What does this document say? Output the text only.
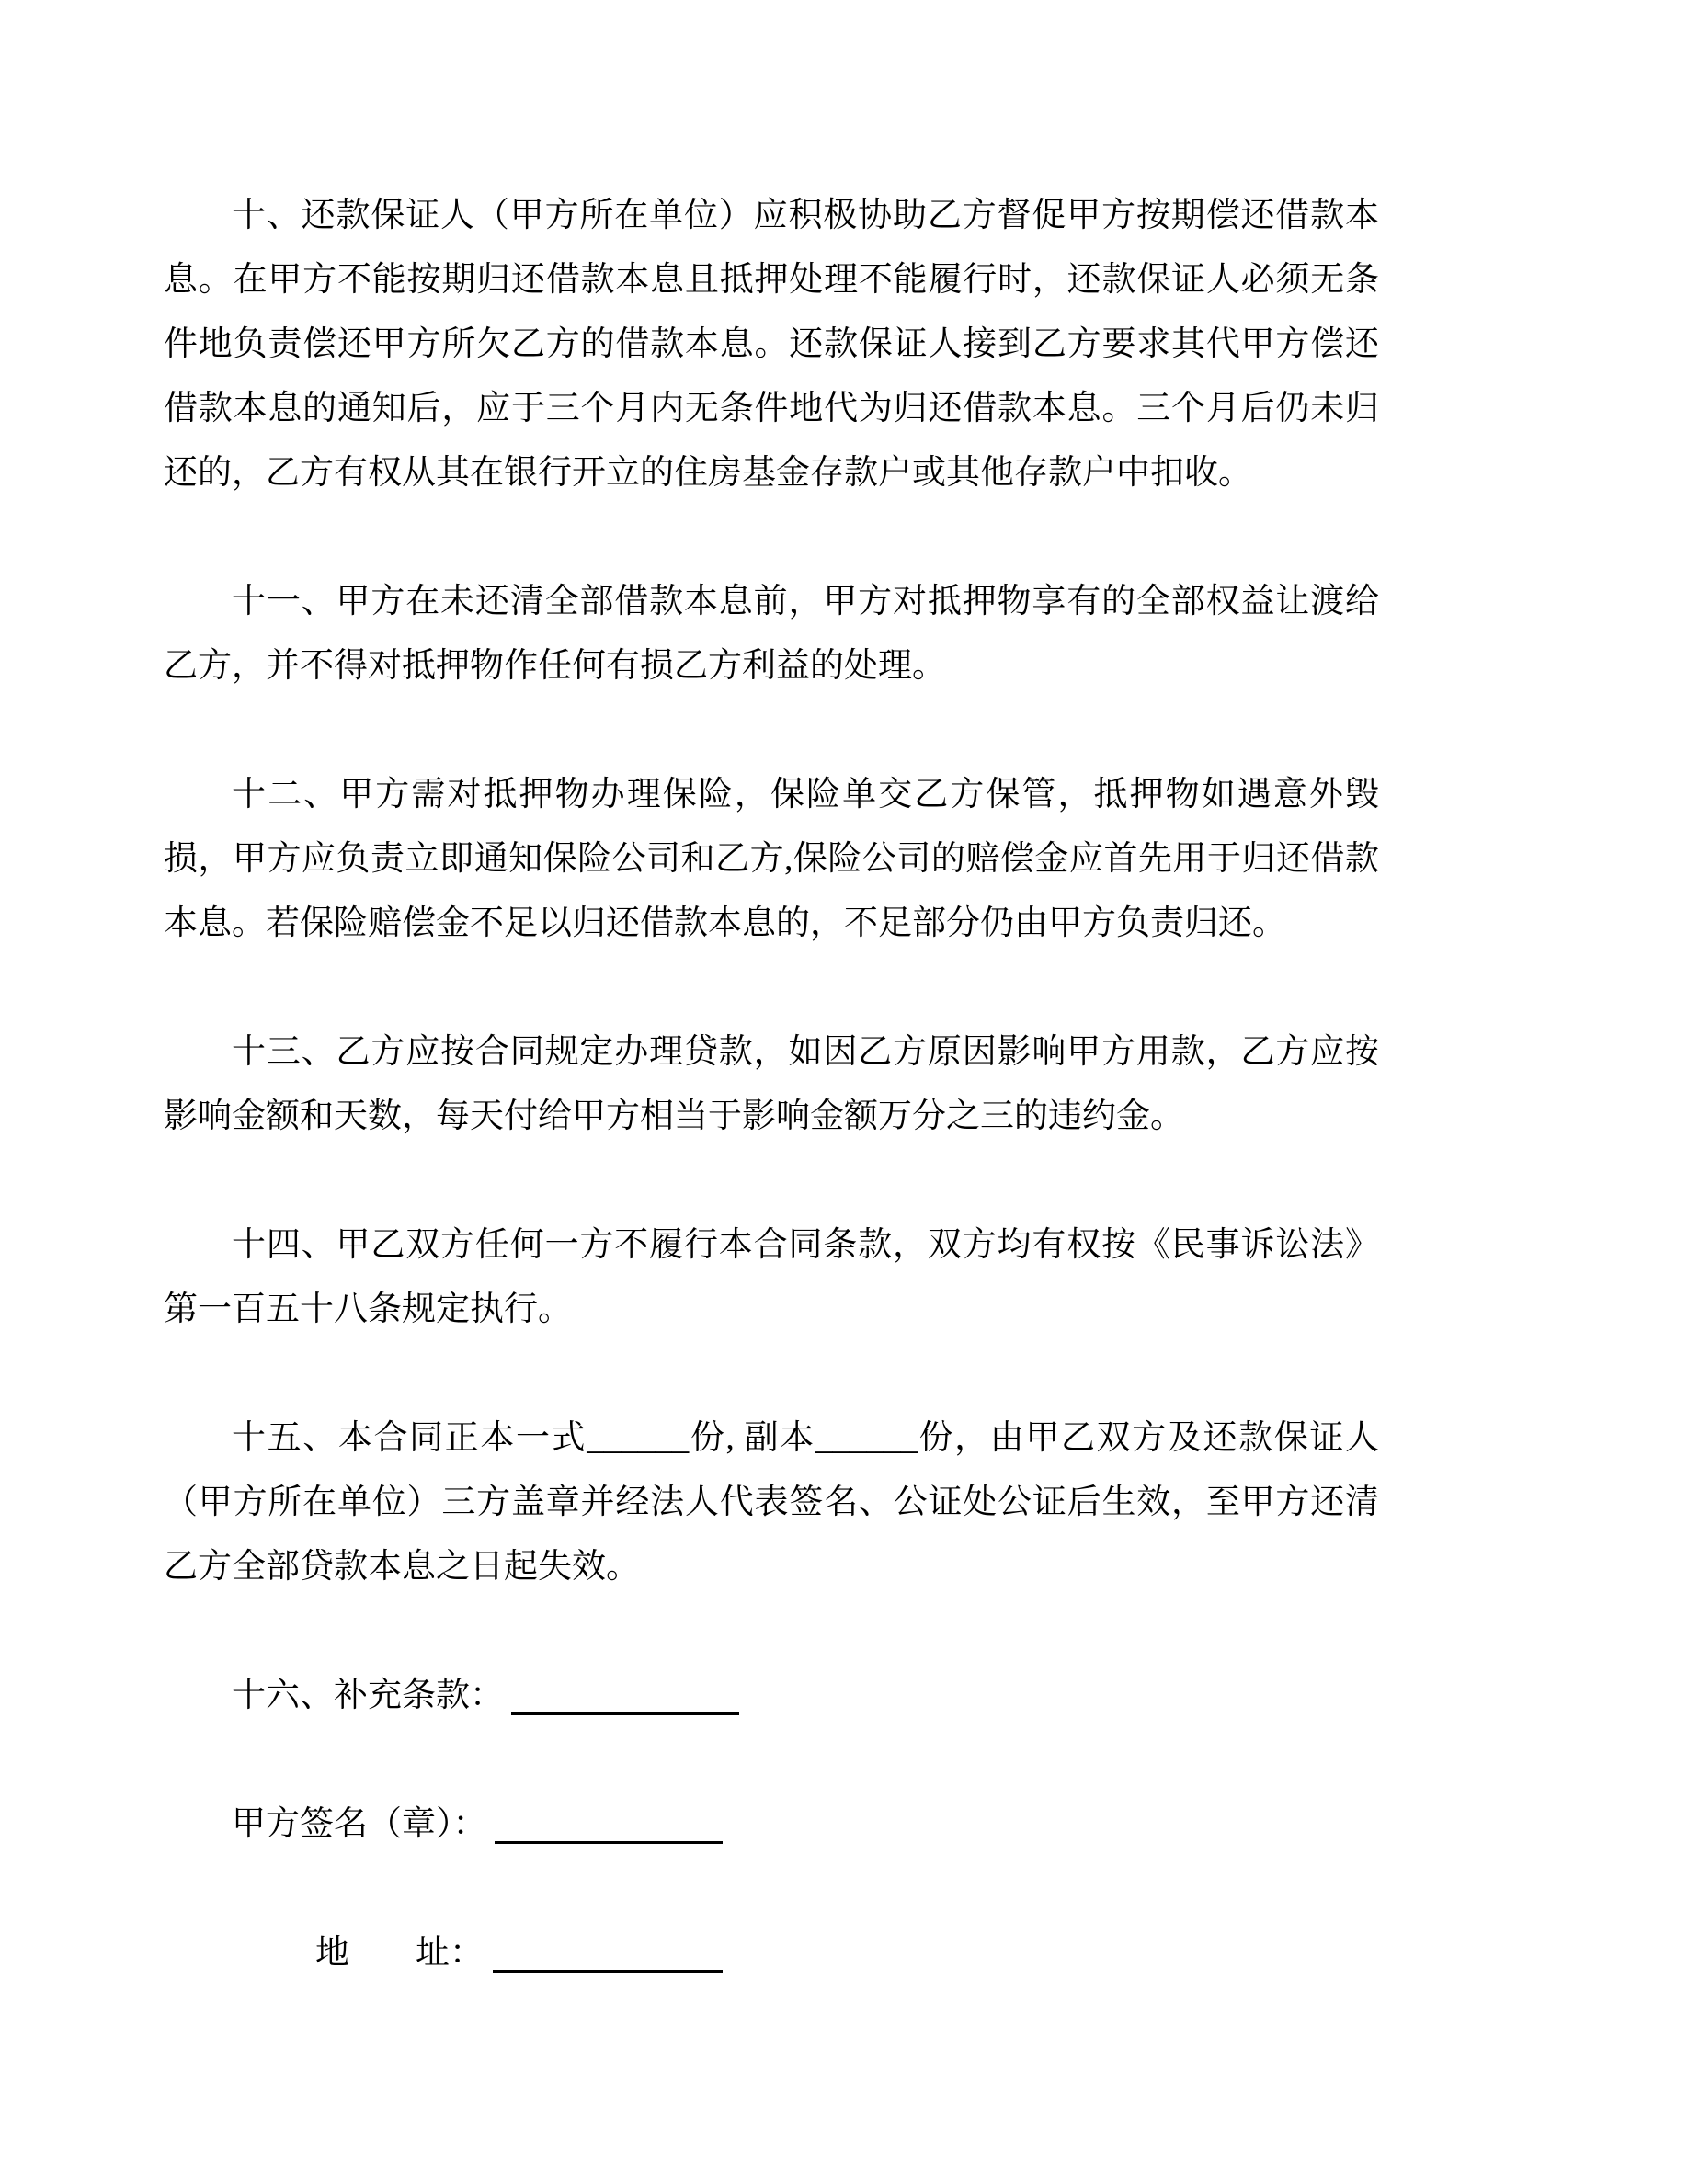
十、还款保证人（甲方所在单位）应积极协助乙方督促甲方按期偿还借款本息。在甲方不能按期归还借款本息且抵押处理不能履行时，还款保证人必须无条件地负责偿还甲方所欠乙方的借款本息。还款保证人接到乙方要求其代甲方偿还借款本息的通知后，应于三个月内无条件地代为归还借款本息。三个月后仍未归还的，乙方有权从其在银行开立的住房基金存款户或其他存款户中扣收。

十一、甲方在未还清全部借款本息前，甲方对抵押物享有的全部权益让渡给乙方，并不得对抵押物作任何有损乙方利益的处理。

十二、甲方需对抵押物办理保险，保险单交乙方保管，抵押物如遇意外毁损，甲方应负责立即通知保险公司和乙方,保险公司的赔偿金应首先用于归还借款本息。若保险赔偿金不足以归还借款本息的，不足部分仍由甲方负责归还。

十三、乙方应按合同规定办理贷款，如因乙方原因影响甲方用款，乙方应按影响金额和天数，每天付给甲方相当于影响金额万分之三的违约金。

十四、甲乙双方任何一方不履行本合同条款，双方均有权按《民事诉讼法》第一百五十八条规定执行。

十五、本合同正本一式______份, 副本______份，由甲乙双方及还款保证人（甲方所在单位）三方盖章并经法人代表签名、公证处公证后生效，至甲方还清乙方全部贷款本息之日起失效。

十六、补充条款：

甲方签名（章）：

地 址：
